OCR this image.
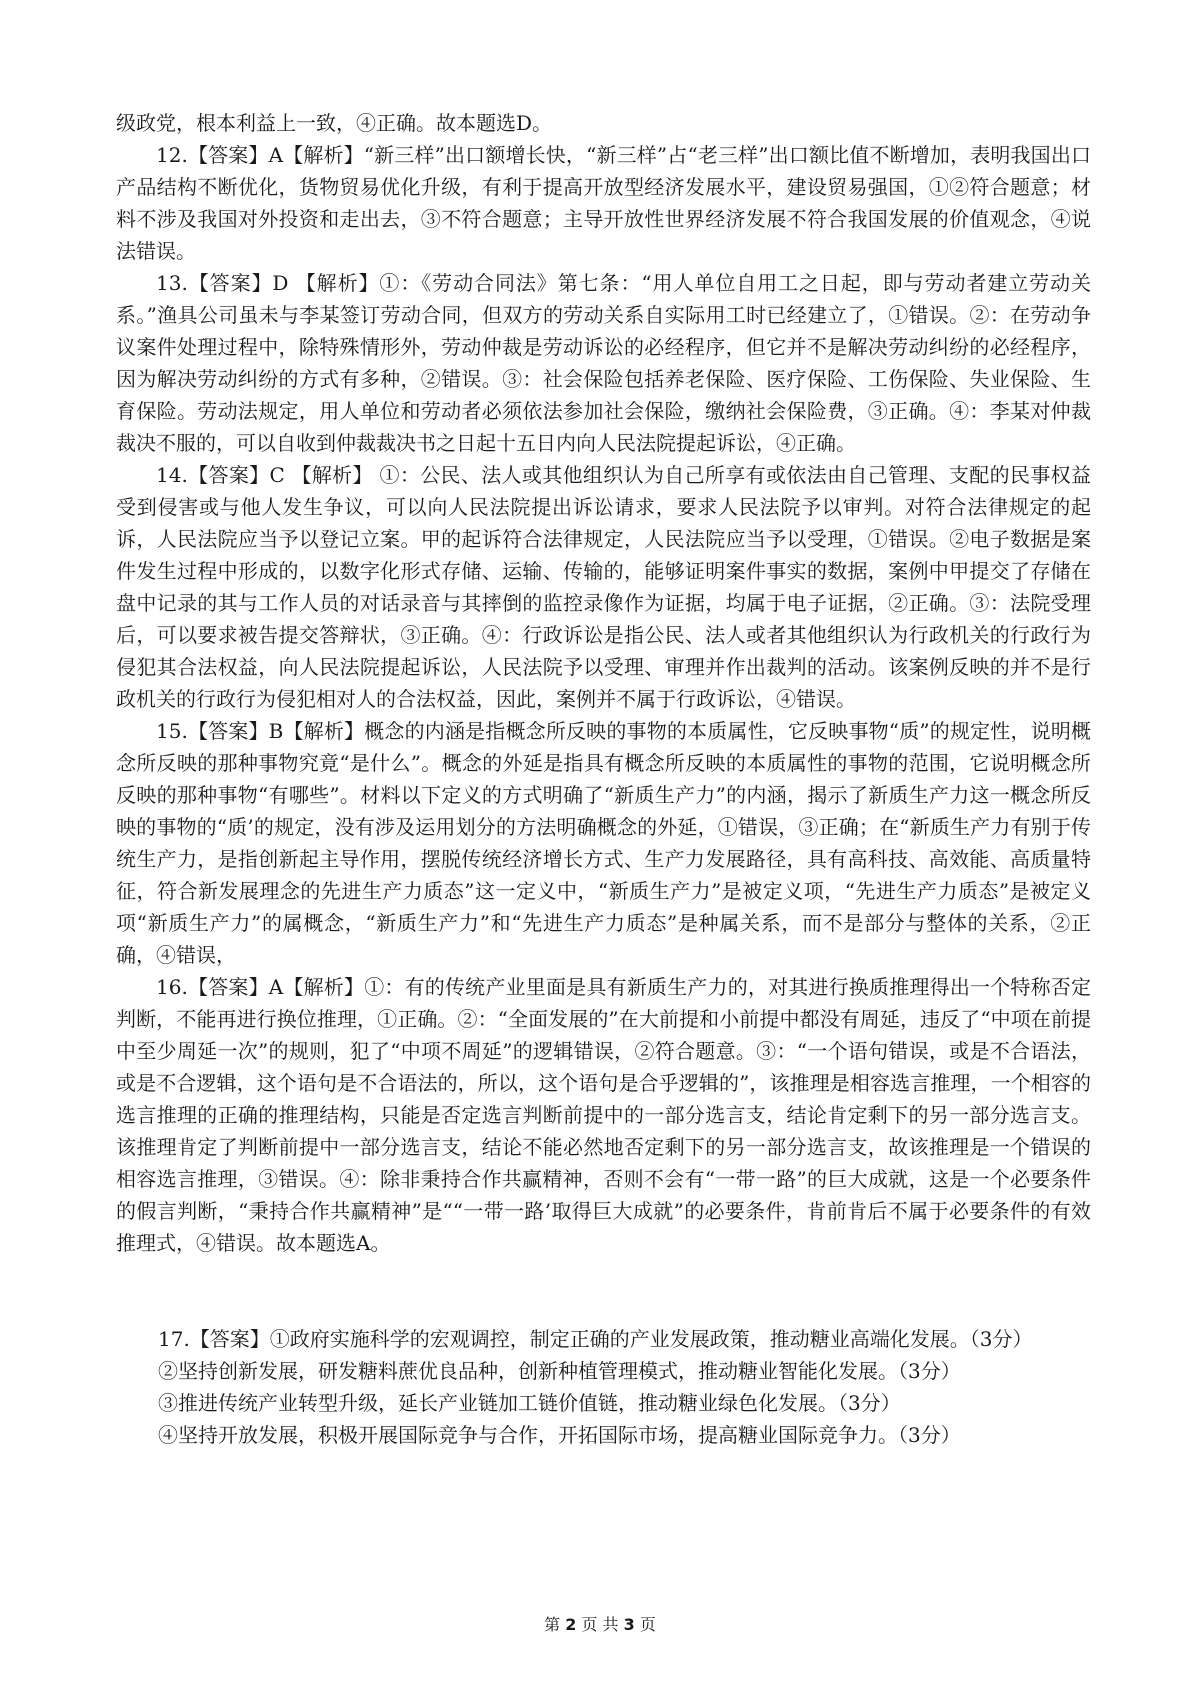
级政党，根本利益上一致，④正确。故本题选D。

12.【答案】A【解析】“新三样”出口额增长快，“新三样”占“老三样”出口额比值不断增加，表明我国出口产品结构不断优化，货物贸易优化升级，有利于提高开放型经济发展水平，建设贸易强国，①②符合题意；材料不涉及我国对外投资和走出去，③不符合题意；主导开放性世界经济发展不符合我国发展的价值观念，④说法错误。

13.【答案】D 【解析】①：《劳动合同法》第七条：“用人单位自用工之日起，即与劳动者建立劳动关系。”渔具公司虽未与李某签订劳动合同，但双方的劳动关系自实际用工时已经建立了，①错误。②：在劳动争议案件处理过程中，除特殊情形外，劳动仲裁是劳动诉讼的必经程序，但它并不是解决劳动纠纷的必经程序，因为解决劳动纠纷的方式有多种，②错误。③：社会保险包括养老保险、医疗保险、工伤保险、失业保险、生育保险。劳动法规定，用人单位和劳动者必须依法参加社会保险，缴纳社会保险费，③正确。④：李某对仲裁裁决不服的，可以自收到仲裁裁决书之日起十五日内向人民法院提起诉讼，④正确。

14.【答案】C 【解析】 ①：公民、法人或其他组织认为自己所享有或依法由自己管理、支配的民事权益受到侵害或与他人发生争议，可以向人民法院提出诉讼请求，要求人民法院予以审判。对符合法律规定的起诉，人民法院应当予以登记立案。甲的起诉符合法律规定，人民法院应当予以受理，①错误。②电子数据是案件发生过程中形成的，以数字化形式存储、运输、传输的，能够证明案件事实的数据，案例中甲提交了存储在盘中记录的其与工作人员的对话录音与其摔倒的监控录像作为证据，均属于电子证据，②正确。③：法院受理后，可以要求被告提交答辩状，③正确。④：行政诉讼是指公民、法人或者其他组织认为行政机关的行政行为侵犯其合法权益，向人民法院提起诉讼，人民法院予以受理、审理并作出裁判的活动。该案例反映的并不是行政机关的行政行为侵犯相对人的合法权益，因此，案例并不属于行政诉讼，④错误。

15.【答案】B【解析】概念的内涵是指概念所反映的事物的本质属性，它反映事物“质”的规定性，说明概念所反映的那种事物究竟“是什么”。概念的外延是指具有概念所反映的本质属性的事物的范围，它说明概念所反映的那种事物“有哪些”。材料以下定义的方式明确了“新质生产力”的内涵，揭示了新质生产力这一概念所反映的事物的“质’的规定，没有涉及运用划分的方法明确概念的外延，①错误，③正确；在“新质生产力有别于传统生产力，是指创新起主导作用，摆脱传统经济增长方式、生产力发展路径，具有高科技、高效能、高质量特征，符合新发展理念的先进生产力质态”这一定义中，“新质生产力”是被定义项，“先进生产力质态”是被定义项“新质生产力”的属概念，“新质生产力”和“先进生产力质态”是种属关系，而不是部分与整体的关系，②正确，④错误，

16.【答案】A【解析】①：有的传统产业里面是具有新质生产力的，对其进行换质推理得出一个特称否定判断，不能再进行换位推理，①正确。②：“全面发展的”在大前提和小前提中都没有周延，违反了“中项在前提中至少周延一次”的规则，犯了“中项不周延”的逻辑错误，②符合题意。③：“一个语句错误，或是不合语法，或是不合逻辑，这个语句是不合语法的，所以，这个语句是合乎逻辑的”，该推理是相容选言推理，一个相容的选言推理的正确的推理结构，只能是否定选言判断前提中的一部分选言支，结论肯定剩下的另一部分选言支。该推理肯定了判断前提中一部分选言支，结论不能必然地否定剩下的另一部分选言支，故该推理是一个错误的相容选言推理，③错误。④：除非秉持合作共赢精神，否则不会有“一带一路”的巨大成就，这是一个必要条件的假言判断，“秉持合作共赢精神”是““一带一路’取得巨大成就”的必要条件，肯前肯后不属于必要条件的有效推理式，④错误。故本题选A。

17.【答案】①政府实施科学的宏观调控，制定正确的产业发展政策，推动糖业高端化发展。（3分）

②坚持创新发展，研发糖料蔗优良品种，创新种植管理模式，推动糖业智能化发展。（3分）

③推进传统产业转型升级，延长产业链加工链价值链，推动糖业绿色化发展。（3分）

④坚持开放发展，积极开展国际竞争与合作，开拓国际市场，提高糖业国际竞争力。（3分）

第 2 页 共 3 页
